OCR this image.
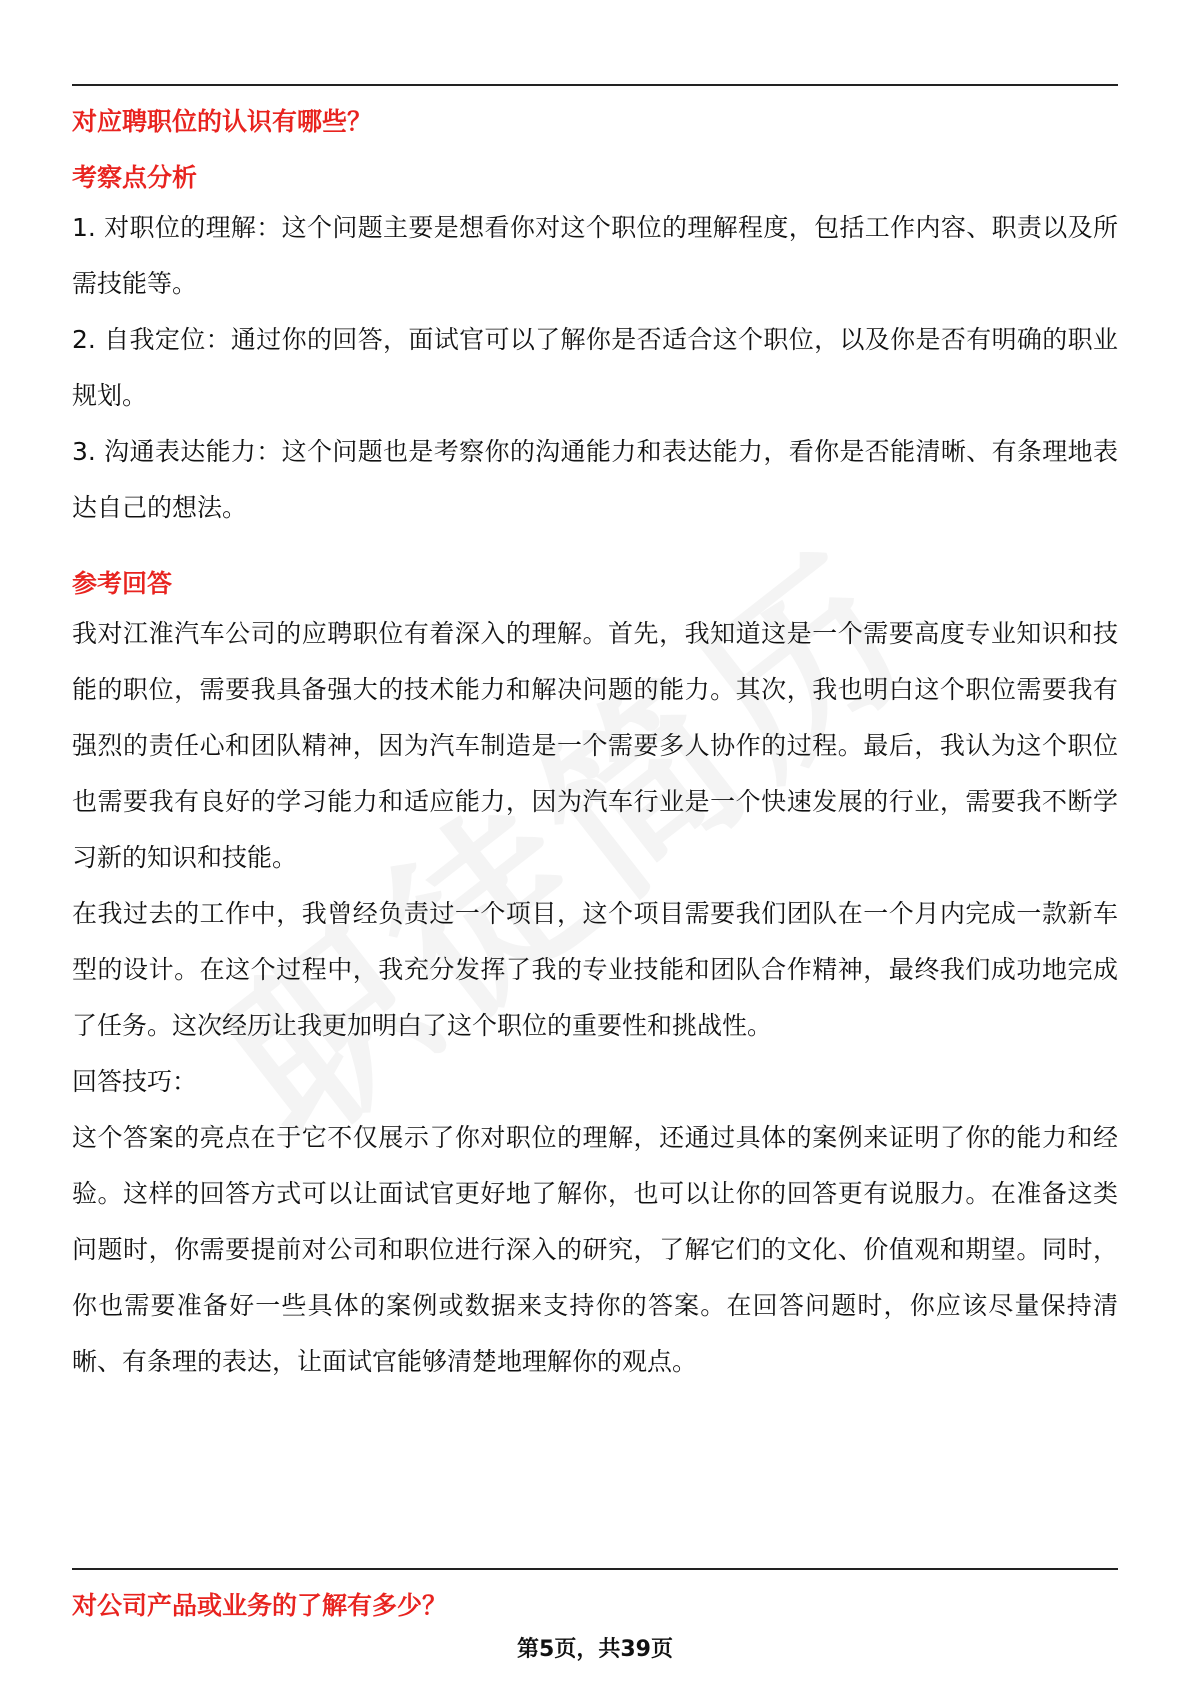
对应聘职位的认识有哪些？
考察点分析

1. 对职位的理解：这个问题主要是想看你对这个职位的理解程度，包括工作内容、职责以及所需技能等。

2. 自我定位：通过你的回答，面试官可以了解你是否适合这个职位，以及你是否有明确的职业规划。

3. 沟通表达能力：这个问题也是考察你的沟通能力和表达能力，看你是否能清晰、有条理地表达自己的想法。

参考回答

我对江淮汽车公司的应聘职位有着深入的理解。首先，我知道这是一个需要高度专业知识和技能的职位，需要我具备强大的技术能力和解决问题的能力。其次，我也明白这个职位需要我有强烈的责任心和团队精神，因为汽车制造是一个需要多人协作的过程。最后，我认为这个职位也需要我有良好的学习能力和适应能力，因为汽车行业是一个快速发展的行业，需要我不断学习新的知识和技能。

在我过去的工作中，我曾经负责过一个项目，这个项目需要我们团队在一个月内完成一款新车型的设计。在这个过程中，我充分发挥了我的专业技能和团队合作精神，最终我们成功地完成了任务。这次经历让我更加明白了这个职位的重要性和挑战性。

回答技巧：

这个答案的亮点在于它不仅展示了你对职位的理解，还通过具体的案例来证明了你的能力和经验。这样的回答方式可以让面试官更好地了解你，也可以让你的回答更有说服力。在准备这类问题时，你需要提前对公司和职位进行深入的研究，了解它们的文化、价值观和期望。同时，你也需要准备好一些具体的案例或数据来支持你的答案。在回答问题时，你应该尽量保持清晰、有条理的表达，让面试官能够清楚地理解你的观点。

对公司产品或业务的了解有多少？
第5页，共39页
